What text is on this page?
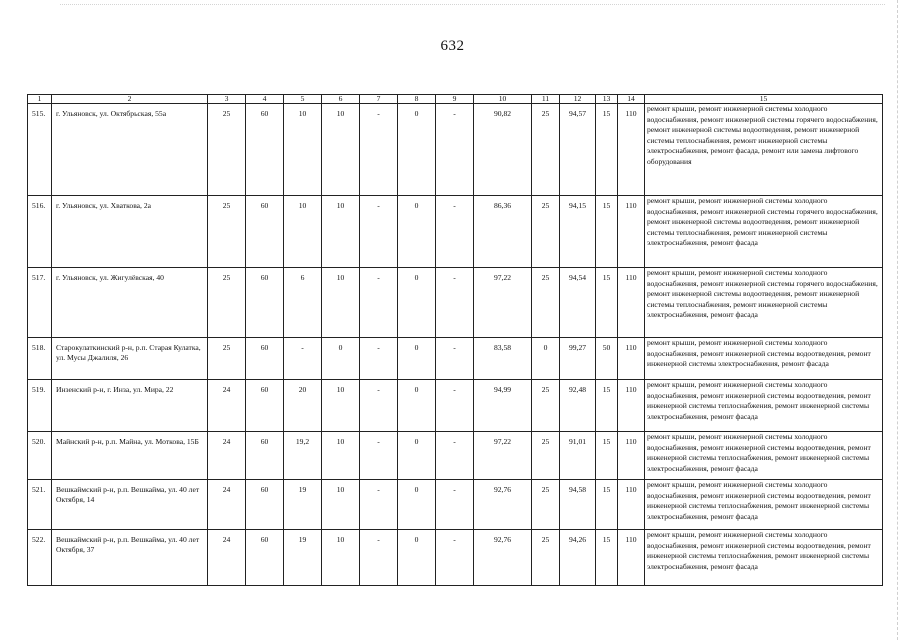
632
1	2	3	4	5	6	7	8	9	10	11	12	13	14	15
515.	г. Ульяновск, ул. Октябрьская, 55а	25	60	10	10	-	0	-	90,82	25	94,57	15	110	ремонт крыши, ремонт инженерной системы холодного водоснабжения, ремонт инженерной системы горячего водоснабжения, ремонт инженерной системы водоотведения, ремонт инженерной системы теплоснабжения, ремонт инженерной системы электроснабжения, ремонт фасада, ремонт или замена лифтового оборудования
516.	г. Ульяновск, ул. Хваткова, 2а	25	60	10	10	-	0	-	86,36	25	94,15	15	110	ремонт крыши, ремонт инженерной системы холодного водоснабжения, ремонт инженерной системы горячего водоснабжения, ремонт инженерной системы водоотведения, ремонт инженерной системы теплоснабжения, ремонт инженерной системы электроснабжения, ремонт фасада
517.	г. Ульяновск, ул. Жигулёвская, 40	25	60	6	10	-	0	-	97,22	25	94,54	15	110	ремонт крыши, ремонт инженерной системы холодного водоснабжения, ремонт инженерной системы горячего водоснабжения, ремонт инженерной системы водоотведения, ремонт инженерной системы теплоснабжения, ремонт инженерной системы электроснабжения, ремонт фасада
518.	Старокулаткинский р-н, р.п. Старая Кулатка, ул. Мусы Джалиля, 26	25	60	-	0	-	0	-	83,58	0	99,27	50	110	ремонт крыши, ремонт инженерной системы холодного водоснабжения, ремонт инженерной системы водоотведения, ремонт инженерной системы электроснабжения, ремонт фасада
519.	Инзенский р-н, г. Инза, ул. Мира, 22	24	60	20	10	-	0	-	94,99	25	92,48	15	110	ремонт крыши, ремонт инженерной системы холодного водоснабжения, ремонт инженерной системы водоотведения, ремонт инженерной системы теплоснабжения, ремонт инженерной системы электроснабжения, ремонт фасада
520.	Майнский р-н, р.п. Майна, ул. Моткова, 15Б	24	60	19,2	10	-	0	-	97,22	25	91,01	15	110	ремонт крыши, ремонт инженерной системы холодного водоснабжения, ремонт инженерной системы водоотведения, ремонт инженерной системы теплоснабжения, ремонт инженерной системы электроснабжения, ремонт фасада
521.	Вешкаймский р-н, р.п. Вешкайма, ул. 40 лет Октября, 14	24	60	19	10	-	0	-	92,76	25	94,58	15	110	ремонт крыши, ремонт инженерной системы холодного водоснабжения, ремонт инженерной системы водоотведения, ремонт инженерной системы теплоснабжения, ремонт инженерной системы электроснабжения, ремонт фасада
522.	Вешкаймский р-н, р.п. Вешкайма, ул. 40 лет Октября, 37	24	60	19	10	-	0	-	92,76	25	94,26	15	110	ремонт крыши, ремонт инженерной системы холодного водоснабжения, ремонт инженерной системы водоотведения, ремонт инженерной системы теплоснабжения, ремонт инженерной системы электроснабжения, ремонт фасада
